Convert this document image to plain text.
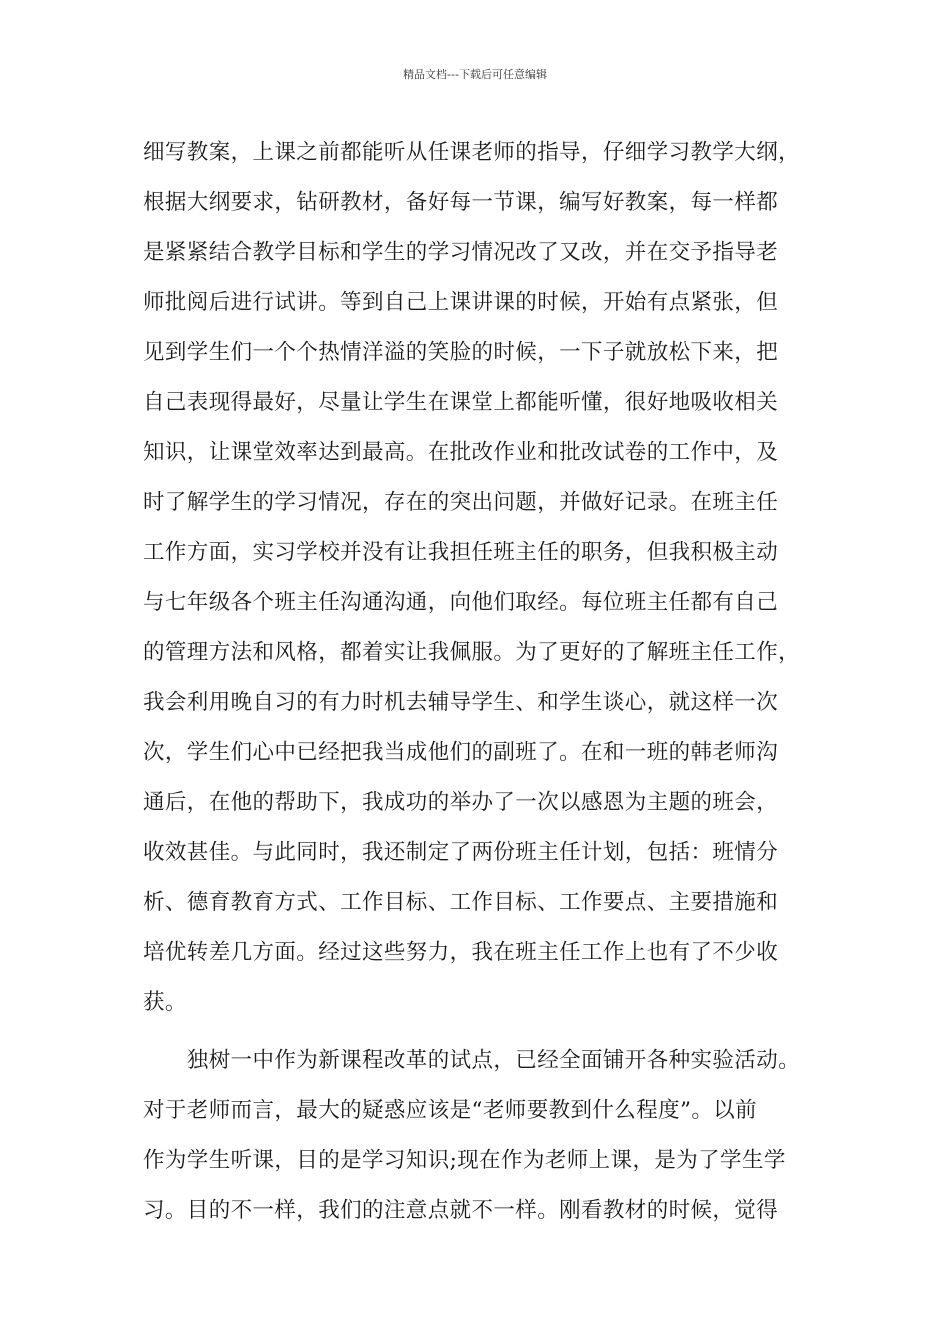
精品文档---下载后可任意编辑
细写教案，上课之前都能听从任课老师的指导，仔细学习教学大纲，
根据大纲要求，钻研教材，备好每一节课，编写好教案，每一样都
是紧紧结合教学目标和学生的学习情况改了又改，并在交予指导老
师批阅后进行试讲。等到自己上课讲课的时候，开始有点紧张，但
见到学生们一个个热情洋溢的笑脸的时候，一下子就放松下来，把
自己表现得最好，尽量让学生在课堂上都能听懂，很好地吸收相关
知识，让课堂效率达到最高。在批改作业和批改试卷的工作中，及
时了解学生的学习情况，存在的突出问题，并做好记录。在班主任
工作方面，实习学校并没有让我担任班主任的职务，但我积极主动
与七年级各个班主任沟通沟通，向他们取经。每位班主任都有自己
的管理方法和风格，都着实让我佩服。为了更好的了解班主任工作，
我会利用晚自习的有力时机去辅导学生、和学生谈心，就这样一次
次，学生们心中已经把我当成他们的副班了。在和一班的韩老师沟
通后，在他的帮助下，我成功的举办了一次以感恩为主题的班会，
收效甚佳。与此同时，我还制定了两份班主任计划，包括：班情分
析、德育教育方式、工作目标、工作目标、工作要点、主要措施和
培优转差几方面。经过这些努力，我在班主任工作上也有了不少收
获。
　　独树一中作为新课程改革的试点，已经全面铺开各种实验活动。
对于老师而言，最大的疑惑应该是“老师要教到什么程度”。以前
作为学生听课，目的是学习知识;现在作为老师上课，是为了学生学
习。目的不一样，我们的注意点就不一样。刚看教材的时候，觉得
